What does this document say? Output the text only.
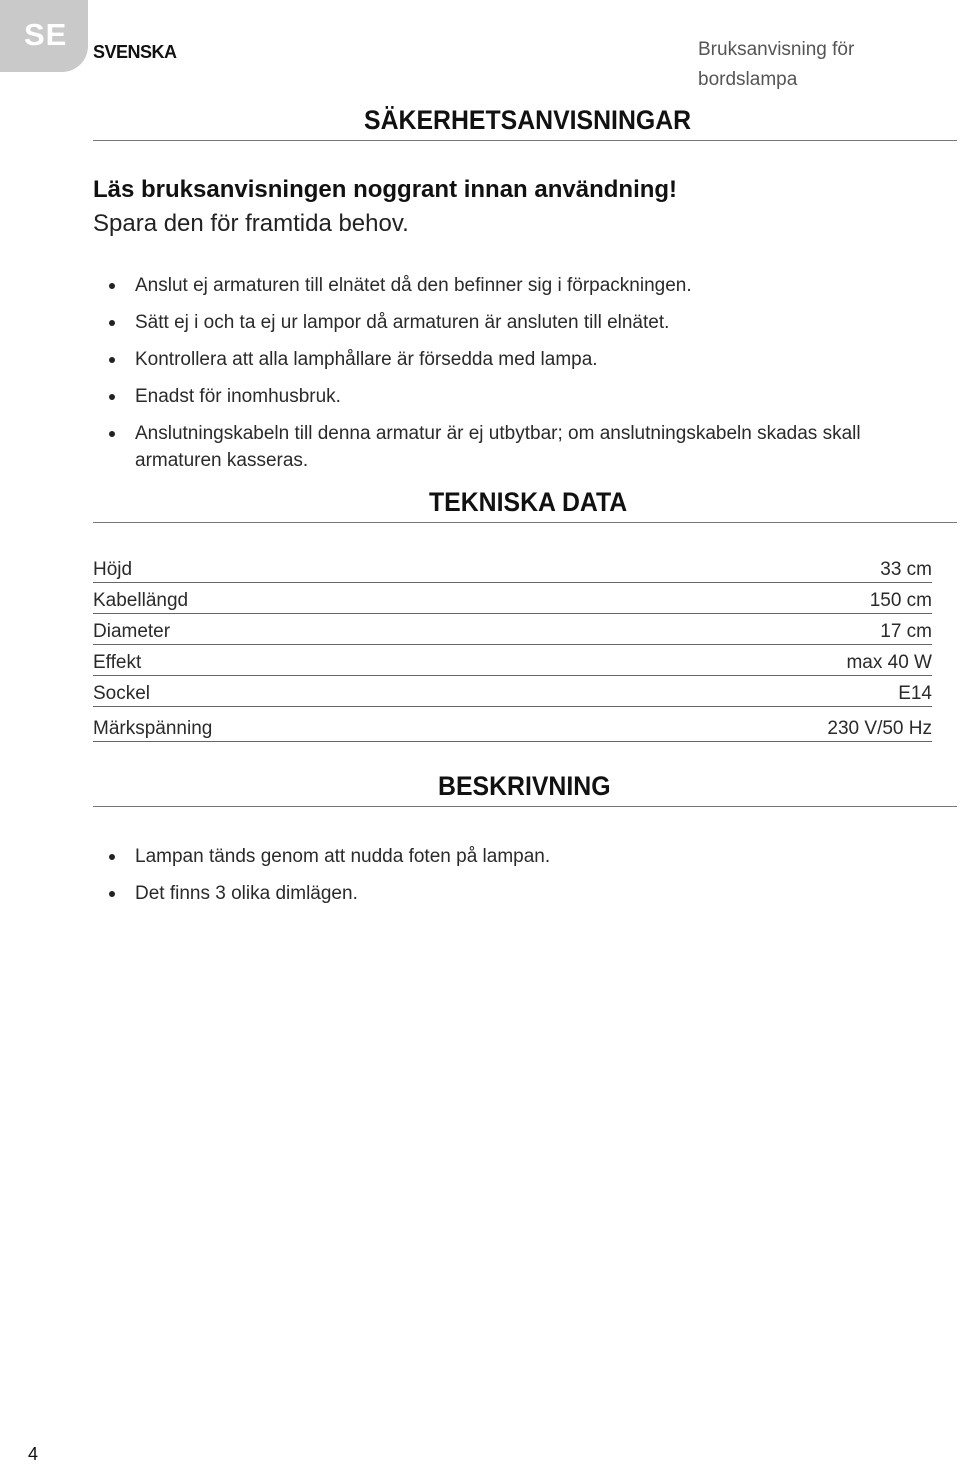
SE SVENSKA	Bruksanvisning för
bordslampa
SÄKERHETSANVISNINGAR
Läs bruksanvisningen noggrant innan användning!
Spara den för framtida behov.
Anslut ej armaturen till elnätet då den befinner sig i förpackningen.
Sätt ej i och ta ej ur lampor då armaturen är ansluten till elnätet.
Kontrollera att alla lamphållare är försedda med lampa.
Enadst för inomhusbruk.
Anslutningskabeln till denna armatur är ej utbytbar; om anslutningskabeln skadas skall armaturen kasseras.
TEKNISKA DATA
Höjd	33 cm
Kabellängd	150 cm
Diameter	17 cm
Effekt	max 40 W
Sockel	E14
Märkspänning	230 V/50 Hz
BESKRIVNING
Lampan tänds genom att nudda foten på lampan.
Det finns 3 olika dimlägen.
4
